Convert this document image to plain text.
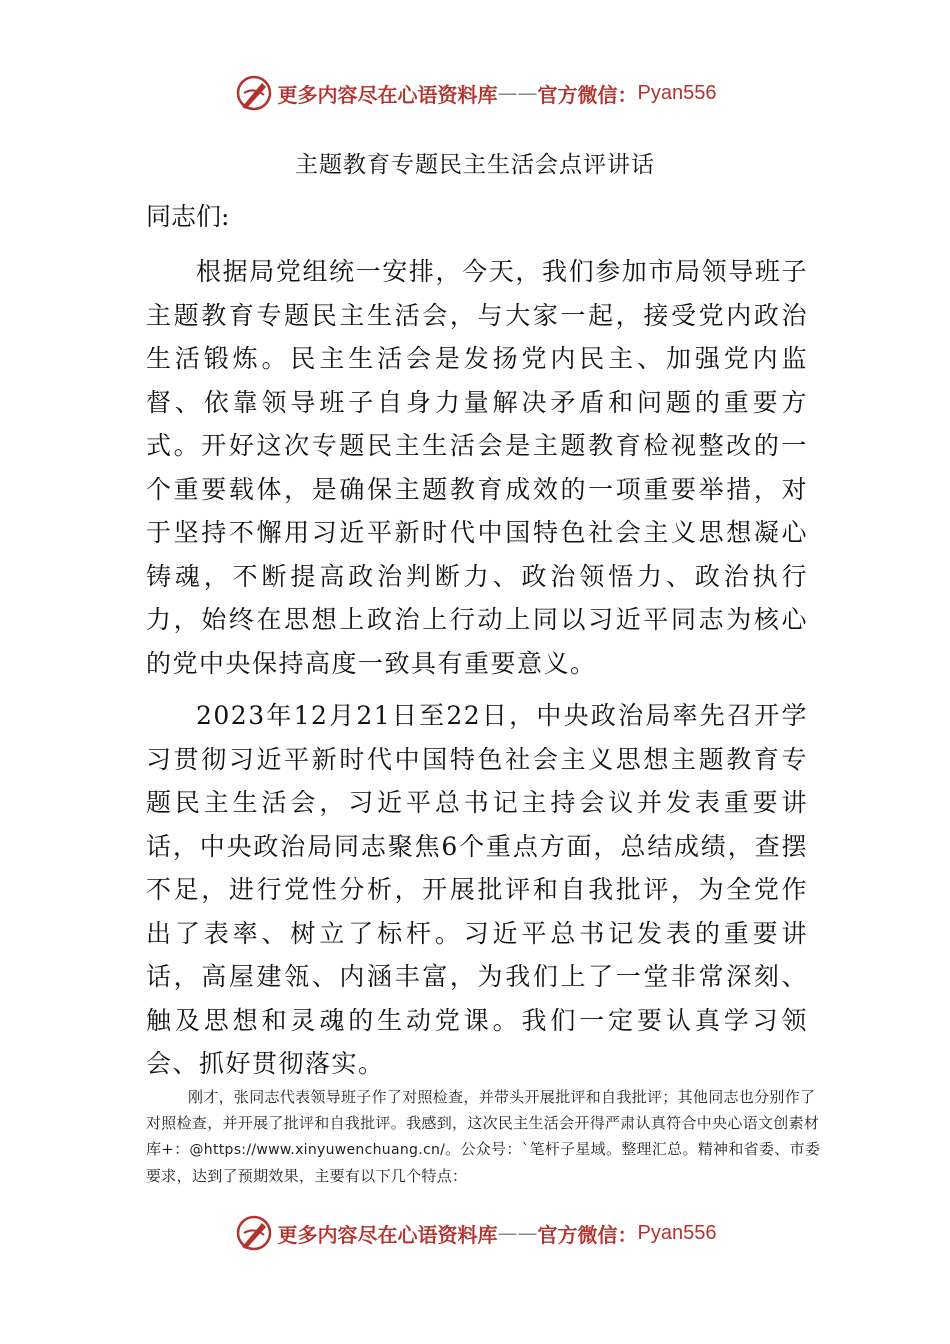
更多内容尽在心语资料库 —— 官方微信： Pyan556
主题教育专题民主生活会点评讲话
同志们:

根据局党组统一安排，今天，我们参加市局领导班子主题教育专题民主生活会，与大家一起，接受党内政治生活锻炼。民主生活会是发扬党内民主、加强党内监督、依靠领导班子自身力量解决矛盾和问题的重要方式。开好这次专题民主生活会是主题教育检视整改的一个重要载体，是确保主题教育成效的一项重要举措，对于坚持不懈用习近平新时代中国特色社会主义思想凝心铸魂，不断提高政治判断力、政治领悟力、政治执行力，始终在思想上政治上行动上同以习近平同志为核心的党中央保持高度一致具有重要意义。

2023年12月21日至22日，中央政治局率先召开学习贯彻习近平新时代中国特色社会主义思想主题教育专题民主生活会，习近平总书记主持会议并发表重要讲话，中央政治局同志聚焦6个重点方面，总结成绩，查摆不足，进行党性分析，开展批评和自我批评，为全党作出了表率、树立了标杆。习近平总书记发表的重要讲话，高屋建瓴、内涵丰富，为我们上了一堂非常深刻、触及思想和灵魂的生动党课。我们一定要认真学习领会、抓好贯彻落实。

刚才，张同志代表领导班子作了对照检查，并带头开展批评和自我批评；其他同志也分别作了对照检查，并开展了批评和自我批评。我感到，这次民主生活会开得严肃认真符合中央心语文创素材库+：@https://www.xinyuwenchuang.cn/。公众号：`笔杆子星域。整理汇总。精神和省委、市委要求，达到了预期效果，主要有以下几个特点：

更多内容尽在心语资料库 —— 官方微信： Pyan556
